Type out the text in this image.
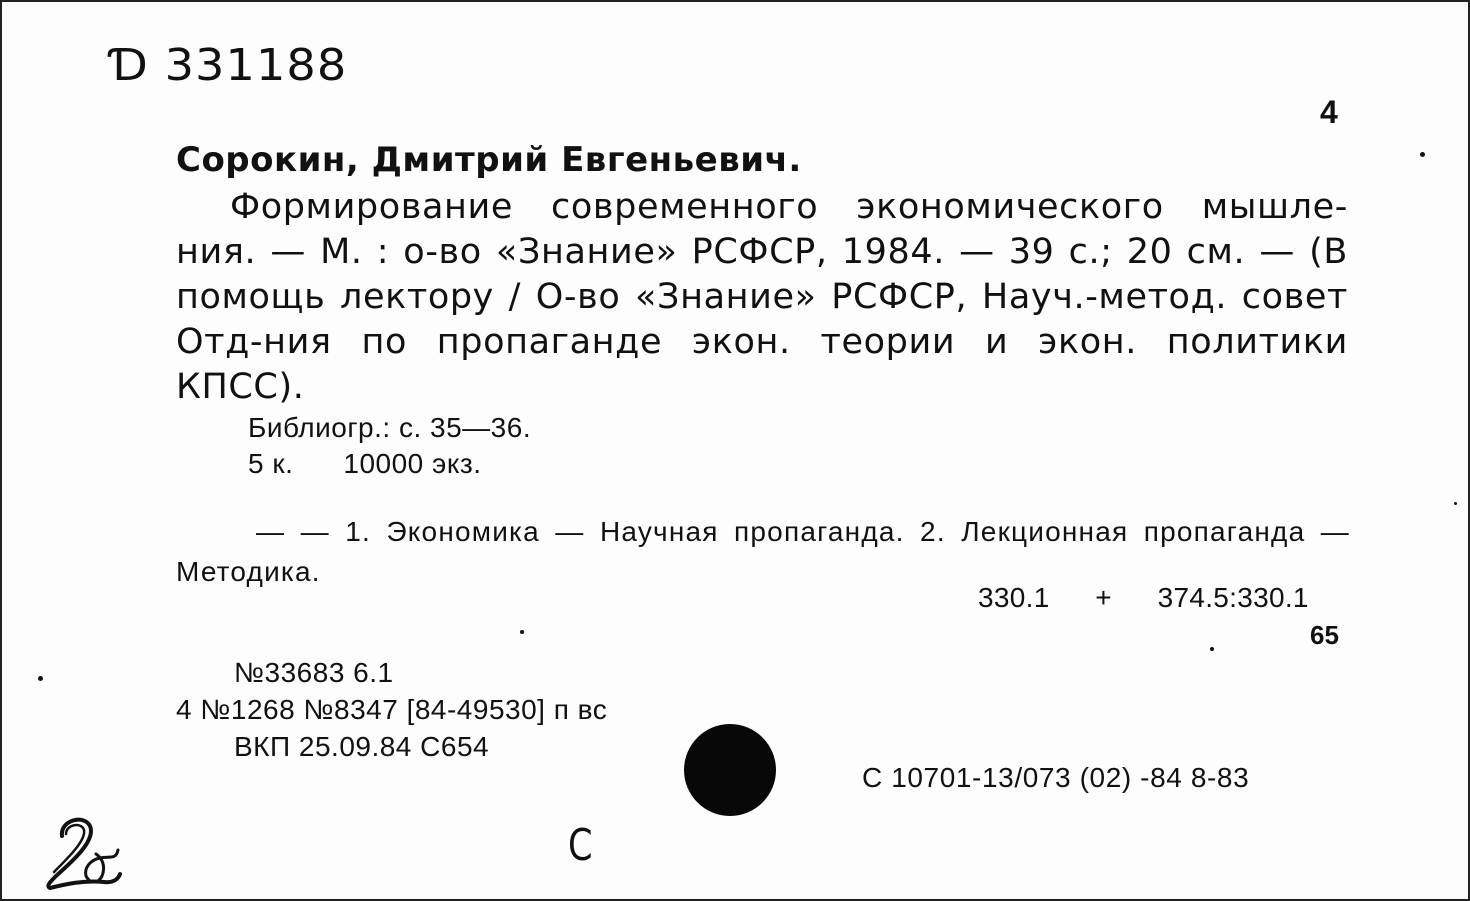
Ɗ 331188
4
Сорокин, Дмитрий Евгеньевич.
Формирование современного экономического мышле- ния. — М. : о-во «Знание» РСФСР, 1984. — 39 с.; 20 см. — (В помощь лектору / О-во «Знание» РСФСР, Науч.-метод. совет Отд-ния по пропаганде экон. теории и экон. политики КПСС).
Библиогр.: с. 35—36.
5 к. 10000 экз.
— — 1. Экономика — Научная пропаганда. 2. Лекционная пропаганда — Методика.
330.1 + 374.5:330.1
65
№33683 6.1
4 №1268 №8347 [84-49530] п вс
ВКП 25.09.84 С654
С 10701-13/073 (02) -84 8-83
С
